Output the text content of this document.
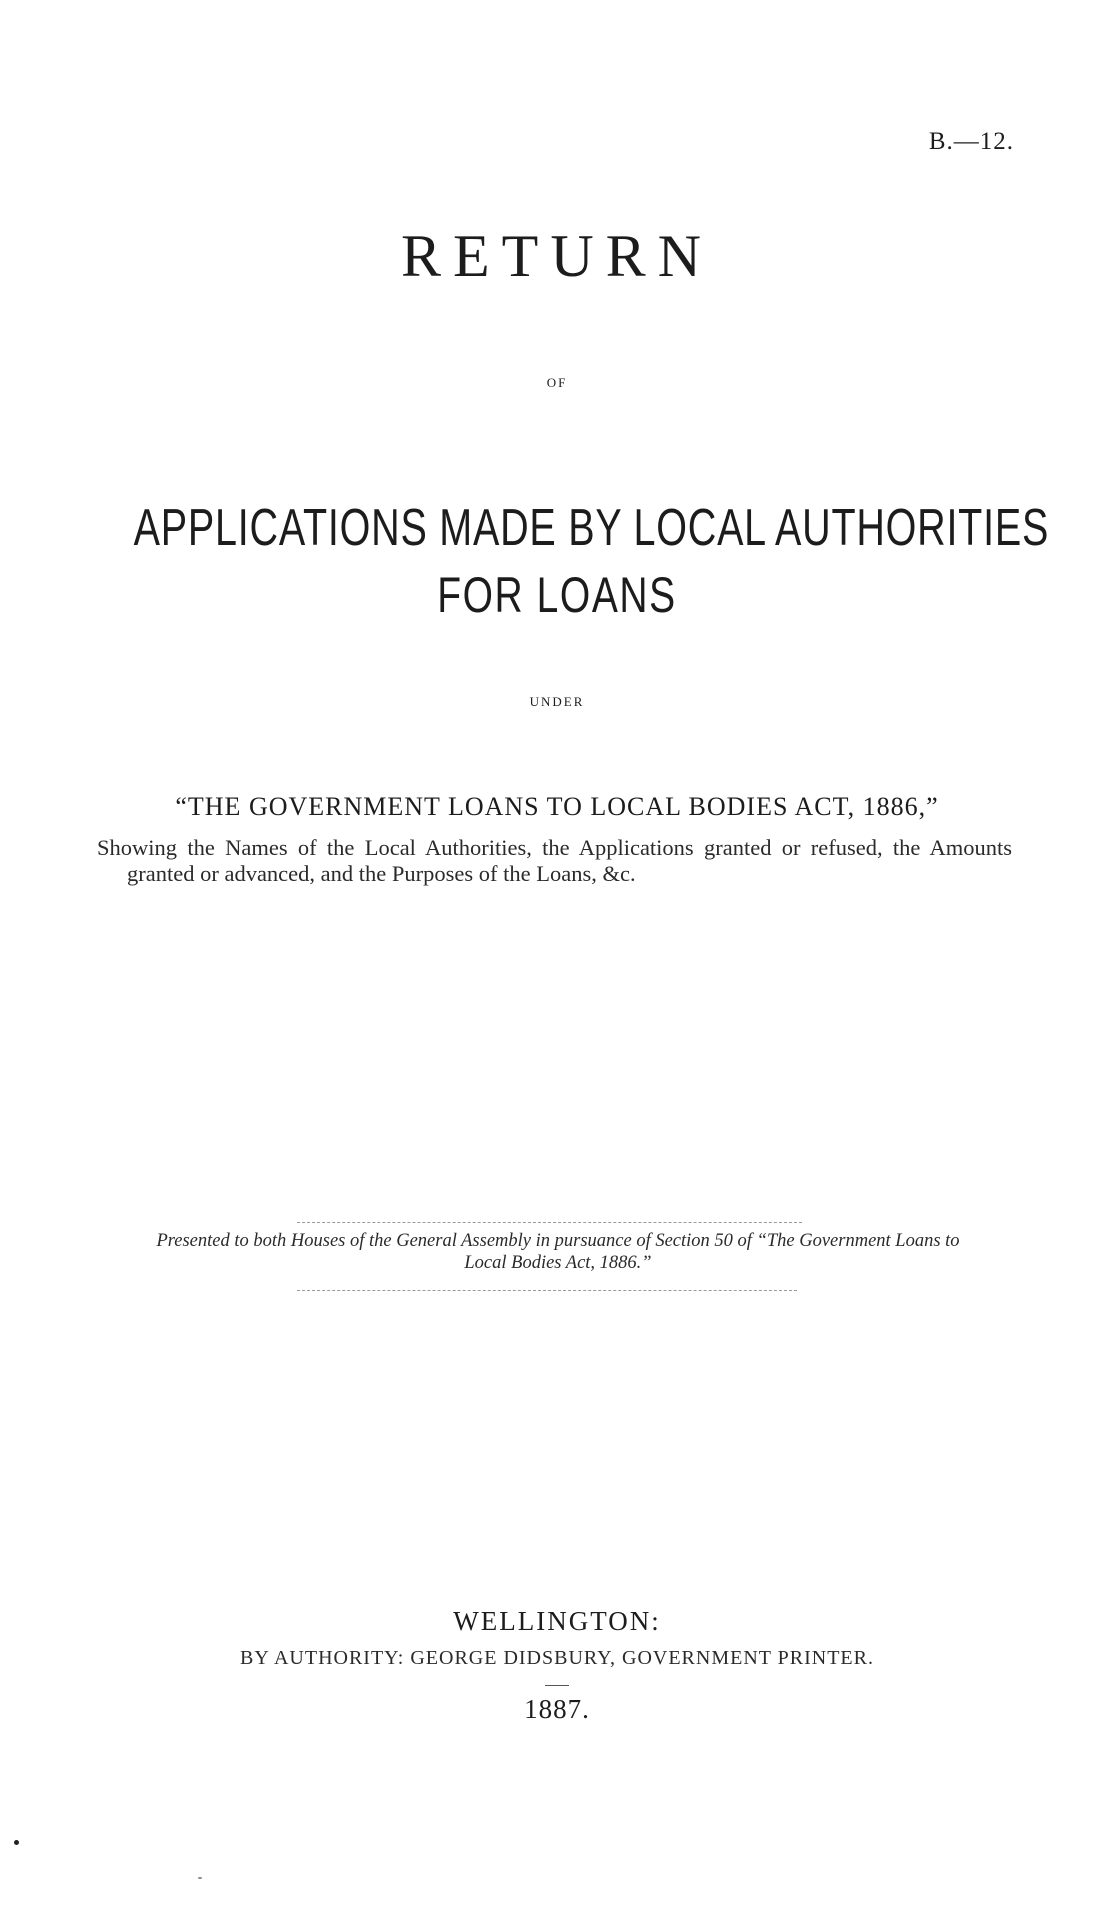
B.—12.
RETURN
OF
APPLICATIONS MADE BY LOCAL AUTHORITIES
FOR LOANS
UNDER
“THE GOVERNMENT LOANS TO LOCAL BODIES ACT, 1886,”
Showing the Names of the Local Authorities, the Applications granted or refused, the Amounts granted or advanced, and the Purposes of the Loans, &c.
Presented to both Houses of the General Assembly in pursuance of Section 50 of “The Government Loans to Local Bodies Act, 1886.”
WELLINGTON:
BY AUTHORITY: GEORGE DIDSBURY, GOVERNMENT PRINTER.
1887.
